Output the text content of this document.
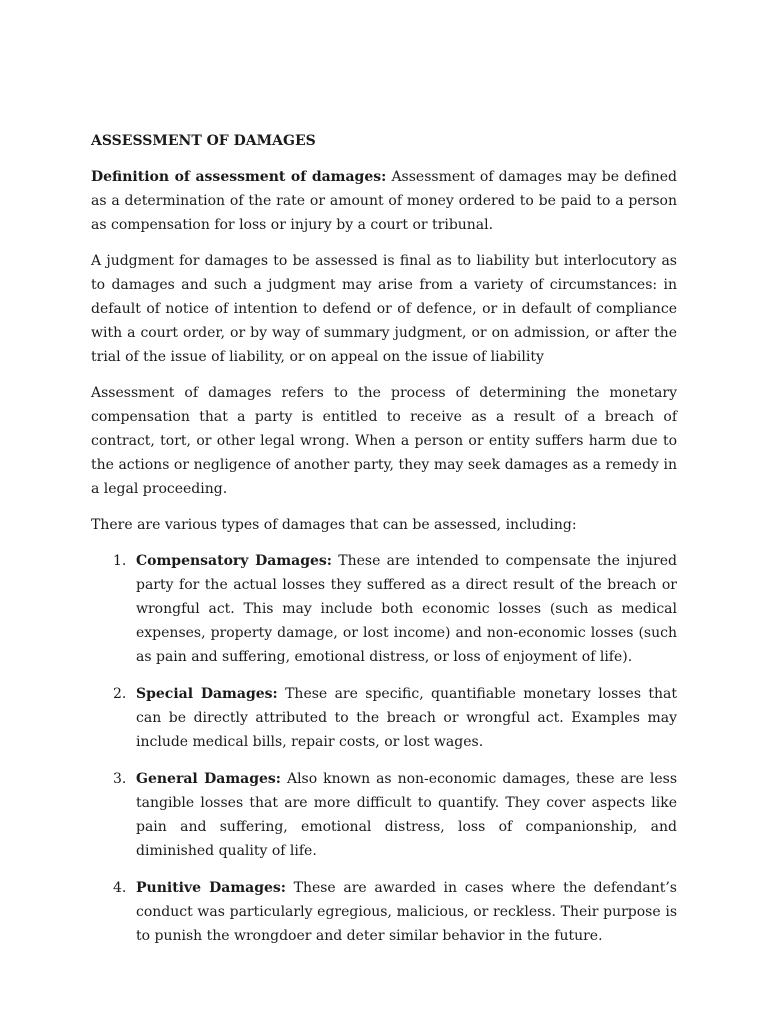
ASSESSMENT OF DAMAGES

Definition of assessment of damages: Assessment of damages may be defined as a determination of the rate or amount of money ordered to be paid to a person as compensation for loss or injury by a court or tribunal.

A judgment for damages to be assessed is final as to liability but interlocutory as to damages and such a judgment may arise from a variety of circumstances: in default of notice of intention to defend or of defence, or in default of compliance with a court order, or by way of summary judgment, or on admission, or after the trial of the issue of liability, or on appeal on the issue of liability

Assessment of damages refers to the process of determining the monetary compensation that a party is entitled to receive as a result of a breach of contract, tort, or other legal wrong. When a person or entity suffers harm due to the actions or negligence of another party, they may seek damages as a remedy in a legal proceeding.

There are various types of damages that can be assessed, including:

1. Compensatory Damages: These are intended to compensate the injured party for the actual losses they suffered as a direct result of the breach or wrongful act. This may include both economic losses (such as medical expenses, property damage, or lost income) and non-economic losses (such as pain and suffering, emotional distress, or loss of enjoyment of life).
2. Special Damages: These are specific, quantifiable monetary losses that can be directly attributed to the breach or wrongful act. Examples may include medical bills, repair costs, or lost wages.
3. General Damages: Also known as non-economic damages, these are less tangible losses that are more difficult to quantify. They cover aspects like pain and suffering, emotional distress, loss of companionship, and diminished quality of life.
4. Punitive Damages: These are awarded in cases where the defendant’s conduct was particularly egregious, malicious, or reckless. Their purpose is to punish the wrongdoer and deter similar behavior in the future.
